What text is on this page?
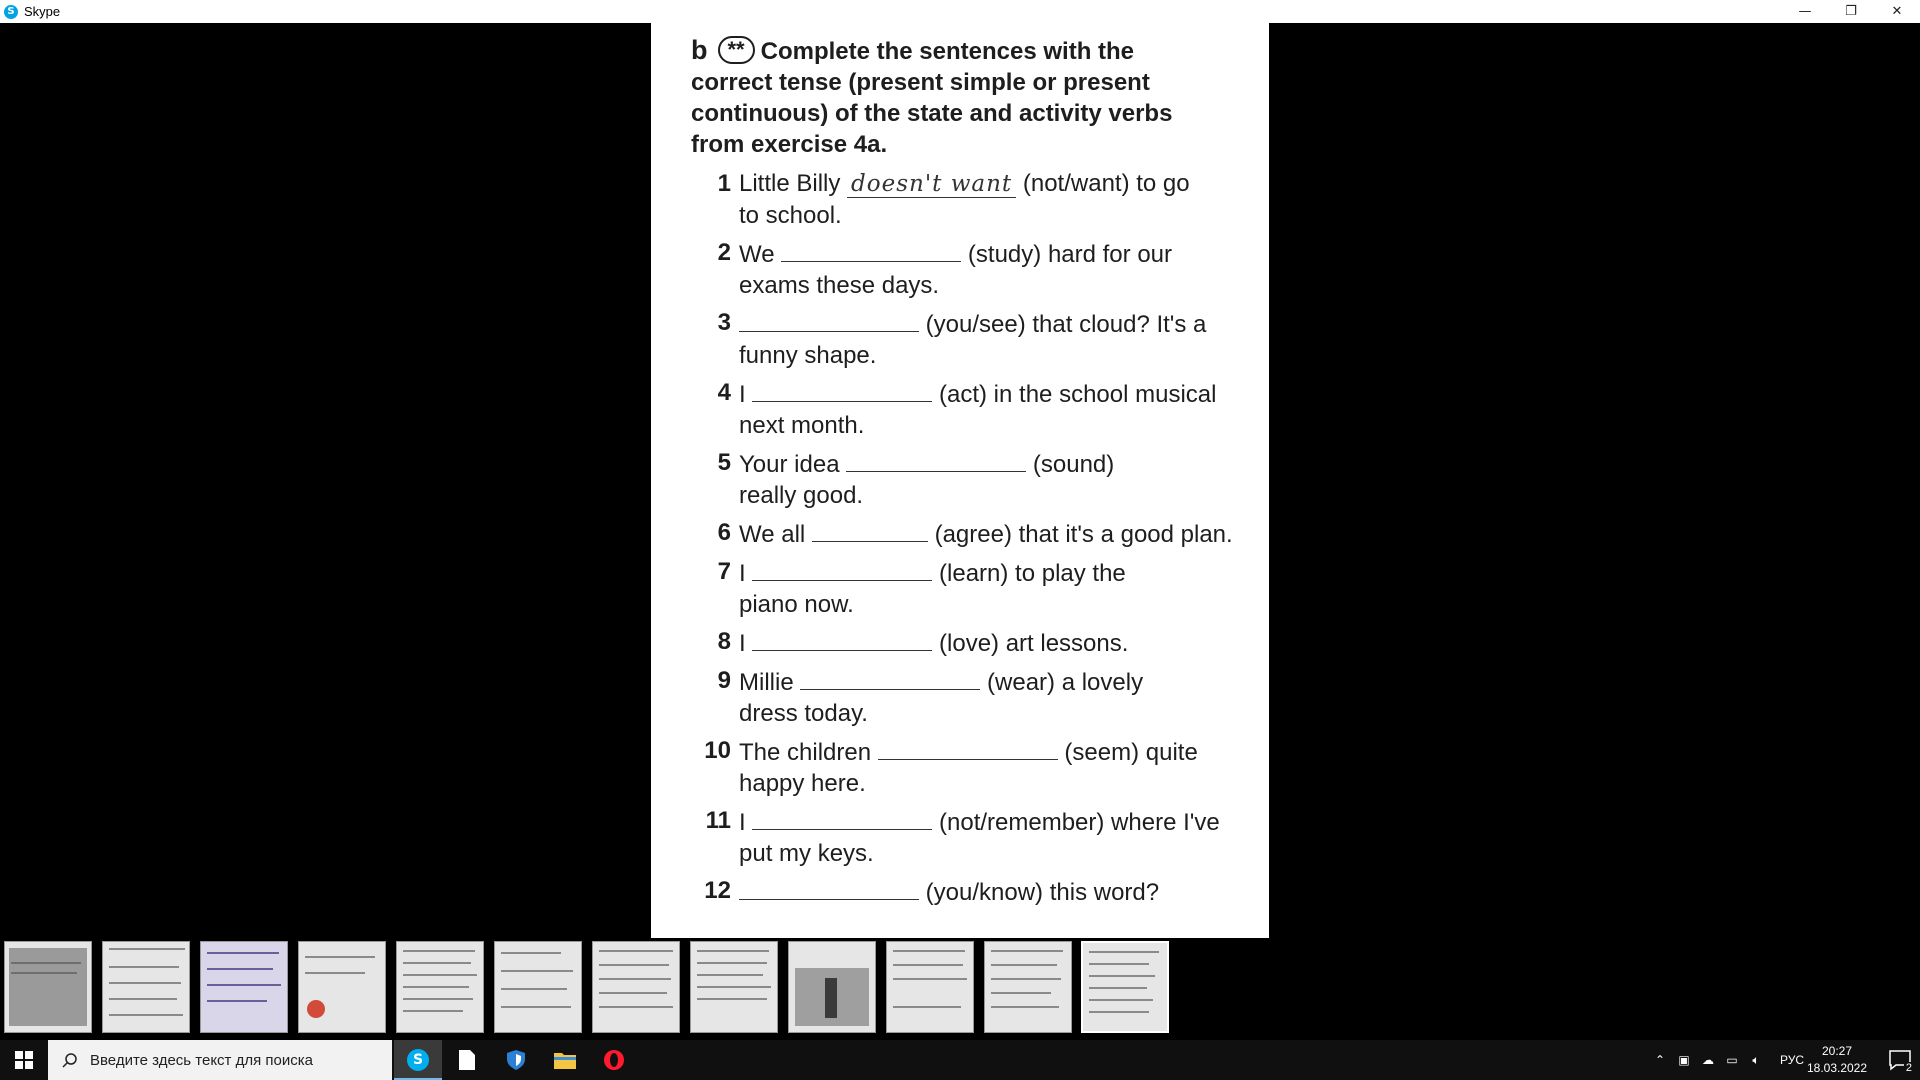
S Skype	—	❐	✕
b ** Complete the sentences with the
correct tense (present simple or present
continuous) of the state and activity verbs
from exercise 4a.
1 Little Billy doesn't want (not/want) to go
to school.
2 We	(study) hard for our
exams these days.
3	(you/see) that cloud? It's a
funny shape.
4 I	(act) in the school musical
next month.
5 Your idea	(sound)
really good.
6 We all	(agree) that it's a good plan.
7 I	(learn) to play the
piano now.
8 I	(love) art lessons.
9 Millie	(wear) a lovely
dress today.
10 The children	(seem) quite
happy here.
11 I	(not/remember) where I've
put my keys.
12	(you/know) this word?
Введите здесь текст для поиска	S	⌃	▣	☁	▭	🔈︎	РУС
20:27
18.03.2022	2
